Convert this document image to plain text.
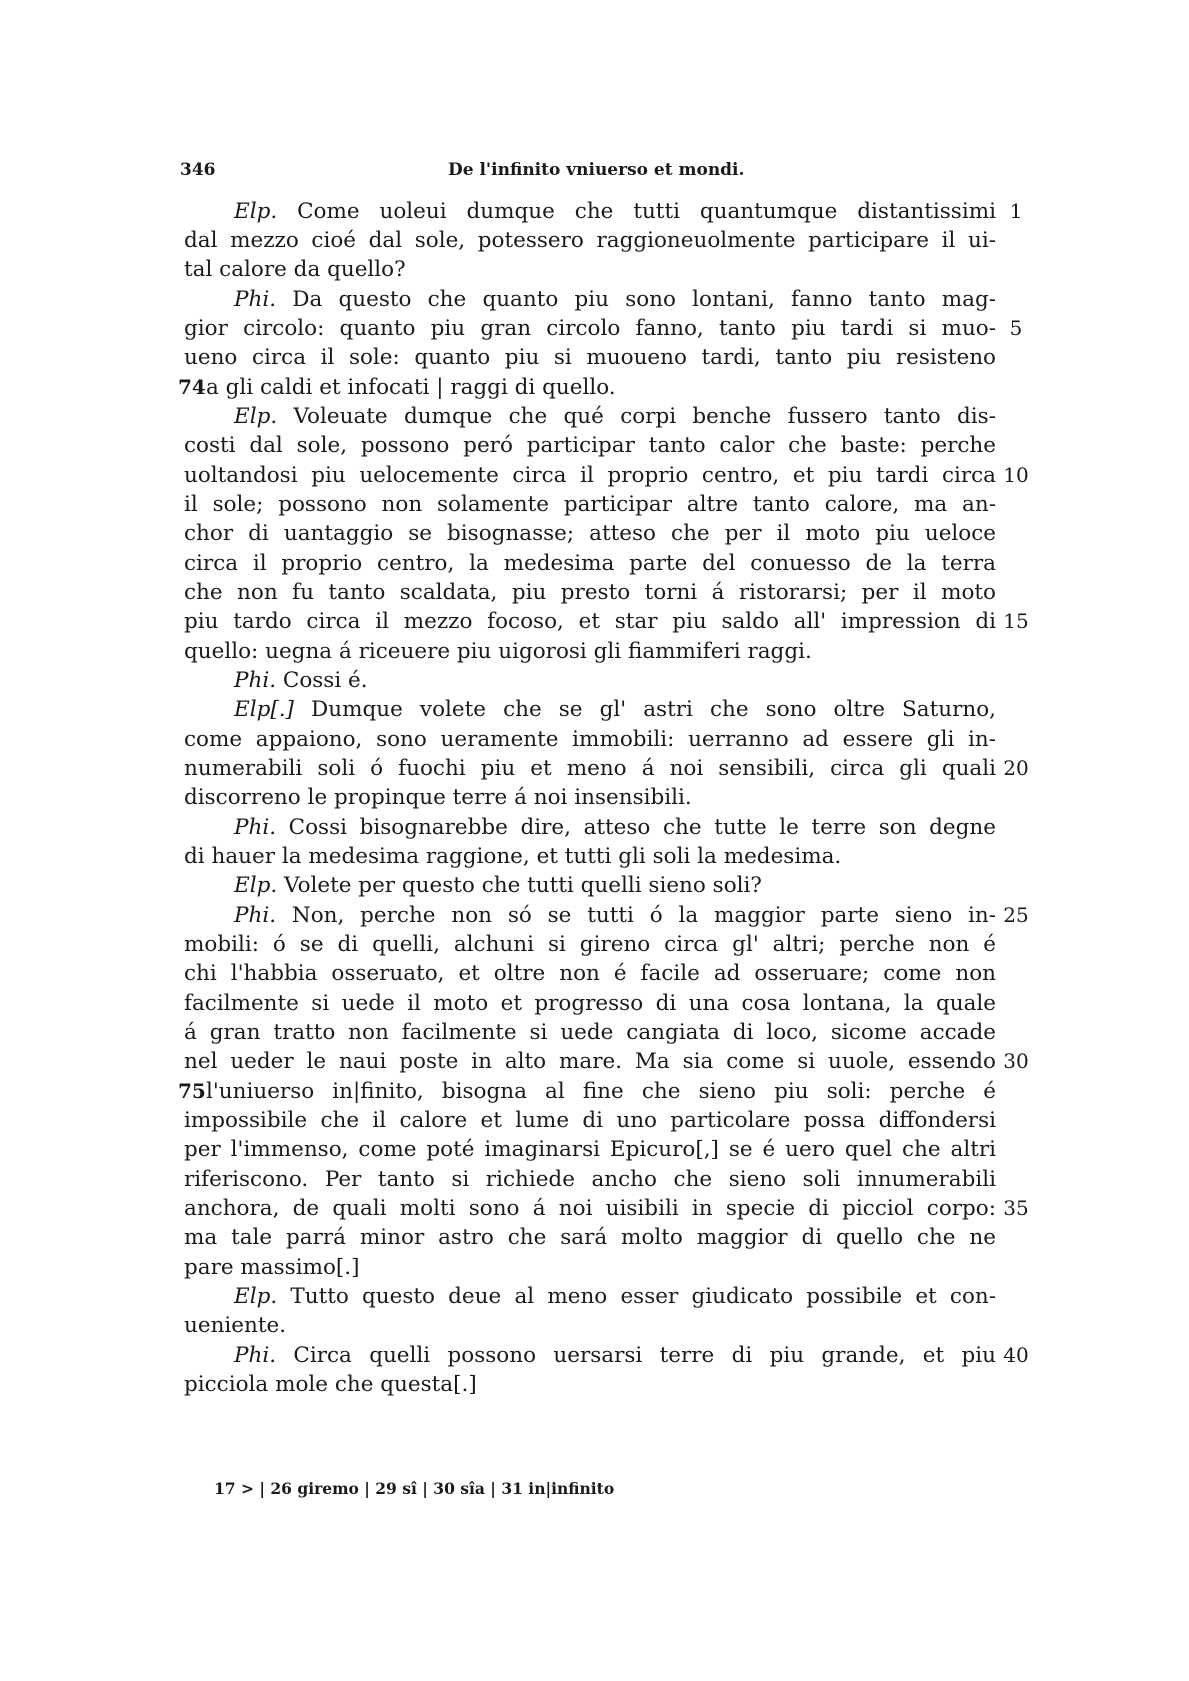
346	De l'infinito vniuerso et mondi.
Elp. Come uoleui dumque che tutti quantumque distantissimi
dal mezzo cioé dal sole, potessero raggioneuolmente participare il ui-
tal calore da quello?
Phi. Da questo che quanto piu sono lontani, fanno tanto mag-
gior circolo: quanto piu gran circolo fanno, tanto piu tardi si muo-
ueno circa il sole: quanto piu si muoueno tardi, tanto piu resisteno
a gli caldi et infocati | raggi di quello.
Elp. Voleuate dumque che qué corpi benche fussero tanto dis-
costi dal sole, possono peró participar tanto calor che baste: perche
uoltandosi piu uelocemente circa il proprio centro, et piu tardi circa
il sole; possono non solamente participar altre tanto calore, ma an-
chor di uantaggio se bisognasse; atteso che per il moto piu ueloce
circa il proprio centro, la medesima parte del conuesso de la terra
che non fu tanto scaldata, piu presto torni á ristorarsi; per il moto
piu tardo circa il mezzo focoso, et star piu saldo all' impression di
quello: uegna á riceuere piu uigorosi gli fiammiferi raggi.
Phi. Cossi é.
Elp[.] Dumque volete che se gl' astri che sono oltre Saturno,
come appaiono, sono ueramente immobili: uerranno ad essere gli in-
numerabili soli ó fuochi piu et meno á noi sensibili, circa gli quali
discorreno le propinque terre á noi insensibili.
Phi. Cossi bisognarebbe dire, atteso che tutte le terre son degne
di hauer la medesima raggione, et tutti gli soli la medesima.
Elp. Volete per questo che tutti quelli sieno soli?
Phi. Non, perche non só se tutti ó la maggior parte sieno in-
mobili: ó se di quelli, alchuni si gireno circa gl' altri; perche non é
chi l'habbia osseruato, et oltre non é facile ad osseruare; come non
facilmente si uede il moto et progresso di una cosa lontana, la quale
á gran tratto non facilmente si uede cangiata di loco, sicome accade
nel ueder le naui poste in alto mare. Ma sia come si uuole, essendo
l'uniuerso in|finito, bisogna al fine che sieno piu soli: perche é
impossibile che il calore et lume di uno particolare possa diffondersi
per l'immenso, come poté imaginarsi Epicuro[,] se é uero quel che altri
riferiscono. Per tanto si richiede ancho che sieno soli innumerabili
anchora, de quali molti sono á noi uisibili in specie di picciol corpo:
ma tale parrá minor astro che sará molto maggior di quello che ne
pare massimo[.]
Elp. Tutto questo deue al meno esser giudicato possibile et con-
ueniente.
Phi. Circa quelli possono uersarsi terre di piu grande, et piu
picciola mole che questa[.]
1
5
10
15
20
25
30
35
40
74
75
17 > | 26 giremo | 29 sî | 30 sîa | 31 in|infinito
